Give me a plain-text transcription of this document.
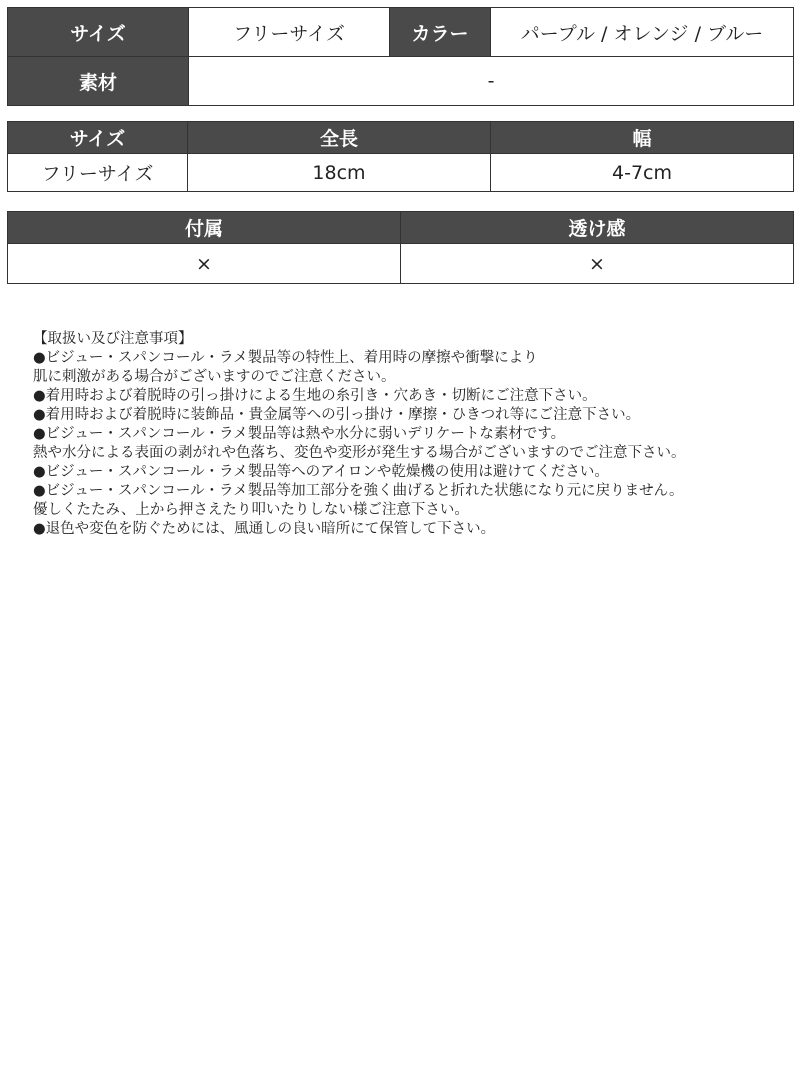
サイズ	フリーサイズ	カラー	パープル / オレンジ / ブルー
素材	-		
サイズ	全長	幅
フリーサイズ	18cm	4-7cm
付属	透け感
×	×
【取扱い及び注意事項】
●ビジュー・スパンコール・ラメ製品等の特性上、着用時の摩擦や衝撃により
肌に刺激がある場合がございますのでご注意ください。
●着用時および着脱時の引っ掛けによる生地の糸引き・穴あき・切断にご注意下さい。
●着用時および着脱時に装飾品・貴金属等への引っ掛け・摩擦・ひきつれ等にご注意下さい。
●ビジュー・スパンコール・ラメ製品等は熱や水分に弱いデリケートな素材です。
熱や水分による表面の剥がれや色落ち、変色や変形が発生する場合がございますのでご注意下さい。
●ビジュー・スパンコール・ラメ製品等へのアイロンや乾燥機の使用は避けてください。
●ビジュー・スパンコール・ラメ製品等加工部分を強く曲げると折れた状態になり元に戻りません。
優しくたたみ、上から押さえたり叩いたりしない様ご注意下さい。
●退色や変色を防ぐためには、風通しの良い暗所にて保管して下さい。
